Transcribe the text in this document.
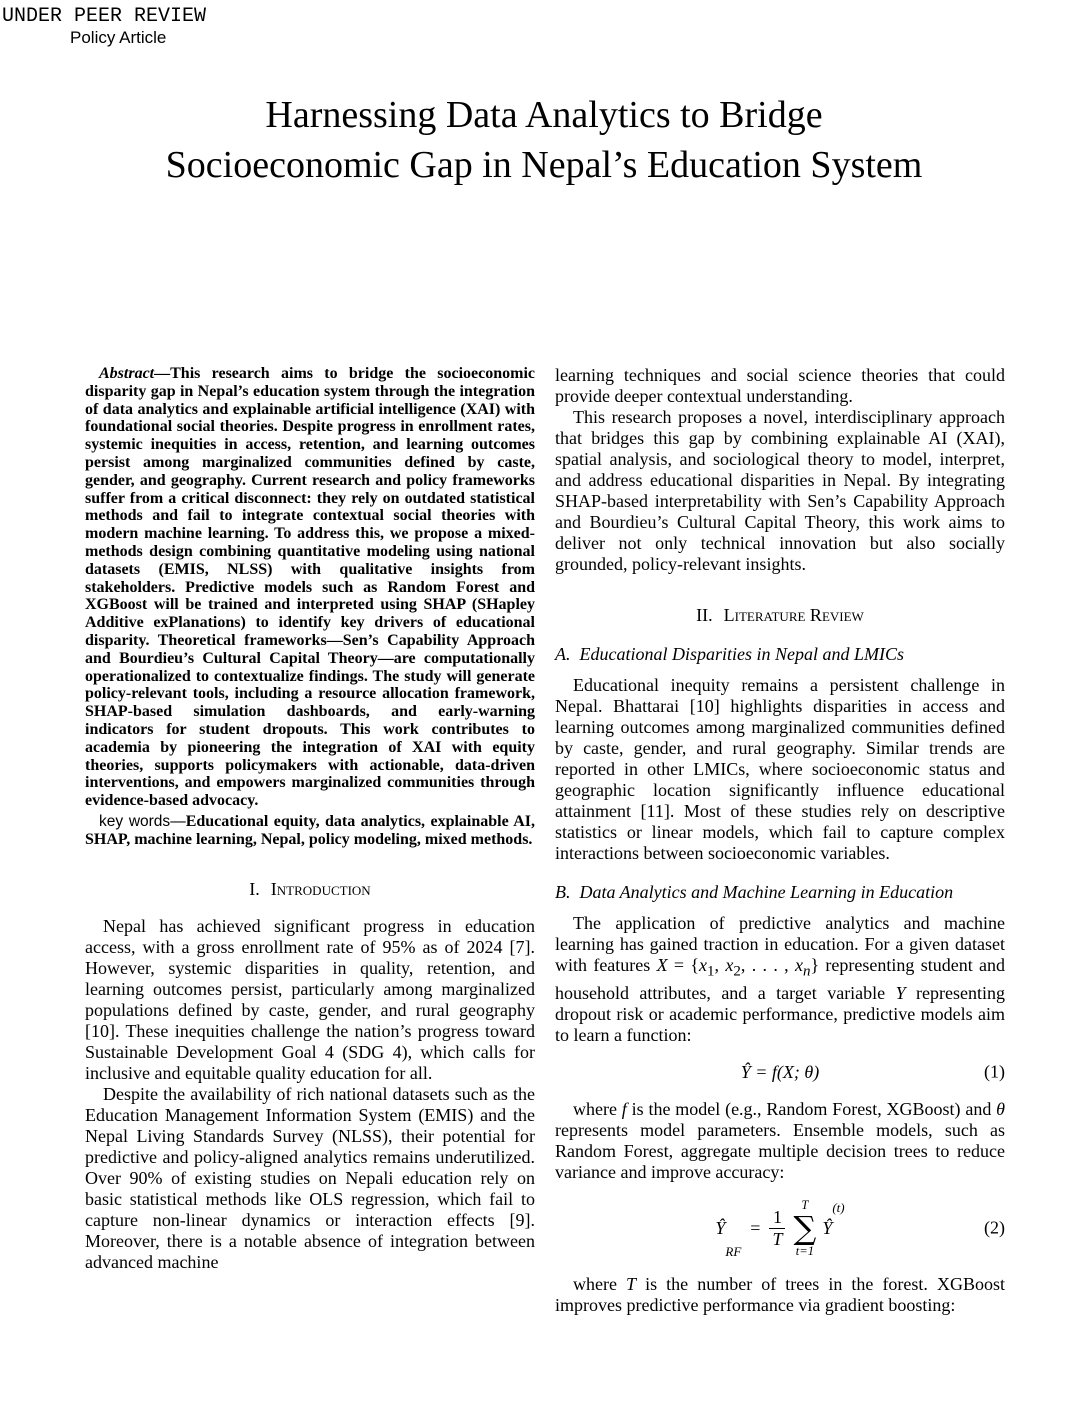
UNDER PEER REVIEW
Policy Article
Harnessing Data Analytics to Bridge
Socioeconomic Gap in Nepal’s Education System

Abstract—This research aims to bridge the socioeconomic disparity gap in Nepal’s education system through the integration of data analytics and explainable artificial intelligence (XAI) with foundational social theories. Despite progress in enrollment rates, systemic inequities in access, retention, and learning outcomes persist among marginalized communities defined by caste, gender, and geography. Current research and policy frameworks suffer from a critical disconnect: they rely on outdated statistical methods and fail to integrate contextual social theories with modern machine learning. To address this, we propose a mixed-methods design combining quantitative modeling using national datasets (EMIS, NLSS) with qualitative insights from stakeholders. Predictive models such as Random Forest and XGBoost will be trained and interpreted using SHAP (SHapley Additive exPlanations) to identify key drivers of educational disparity. Theoretical frameworks—Sen’s Capability Approach and Bourdieu’s Cultural Capital Theory—are computationally operationalized to contextualize findings. The study will generate policy-relevant tools, including a resource allocation framework, SHAP-based simulation dashboards, and early-warning indicators for student dropouts. This work contributes to academia by pioneering the integration of XAI with equity theories, supports policymakers with actionable, data-driven interventions, and empowers marginalized communities through evidence-based advocacy.

key words—Educational equity, data analytics, explainable AI, SHAP, machine learning, Nepal, policy modeling, mixed methods.

I. Introduction

Nepal has achieved significant progress in education access, with a gross enrollment rate of 95% as of 2024 [7]. However, systemic disparities in quality, retention, and learning outcomes persist, particularly among marginalized populations defined by caste, gender, and rural geography [10]. These inequities challenge the nation’s progress toward Sustainable Development Goal 4 (SDG 4), which calls for inclusive and equitable quality education for all.

Despite the availability of rich national datasets such as the Education Management Information System (EMIS) and the Nepal Living Standards Survey (NLSS), their potential for predictive and policy-aligned analytics remains underutilized. Over 90% of existing studies on Nepali education rely on basic statistical methods like OLS regression, which fail to capture non-linear dynamics or interaction effects [9]. Moreover, there is a notable absence of integration between advanced machine

learning techniques and social science theories that could provide deeper contextual understanding.

This research proposes a novel, interdisciplinary approach that bridges this gap by combining explainable AI (XAI), spatial analysis, and sociological theory to model, interpret, and address educational disparities in Nepal. By integrating SHAP-based interpretability with Sen’s Capability Approach and Bourdieu’s Cultural Capital Theory, this work aims to deliver not only technical innovation but also socially grounded, policy-relevant insights.

II. Literature Review

A. Educational Disparities in Nepal and LMICs

Educational inequity remains a persistent challenge in Nepal. Bhattarai [10] highlights disparities in access and learning outcomes among marginalized communities defined by caste, gender, and rural geography. Similar trends are reported in other LMICs, where socioeconomic status and geographic location significantly influence educational attainment [11]. Most of these studies rely on descriptive statistics or linear models, which fail to capture complex interactions between socioeconomic variables.

B. Data Analytics and Machine Learning in Education

The application of predictive analytics and machine learning has gained traction in education. For a given dataset with features $X = \{x_1$, $x_2$, . . . , $x_n$} representing student and household attributes, and a target variable Y representing dropout risk or academic performance, predictive models aim to learn a function:

Ŷ = f(X; θ)	(1)

where f is the model (e.g., Random Forest, XGBoost) and θ represents model parameters. Ensemble models, such as Random Forest, aggregate multiple decision trees to reduce variance and improve accuracy:

Ŷ
RF
= $\frac{1}{T}$
T
∑
t=1
Ŷ
(t)
(2)

where T is the number of trees in the forest. XGBoost improves predictive performance via gradient boosting:
